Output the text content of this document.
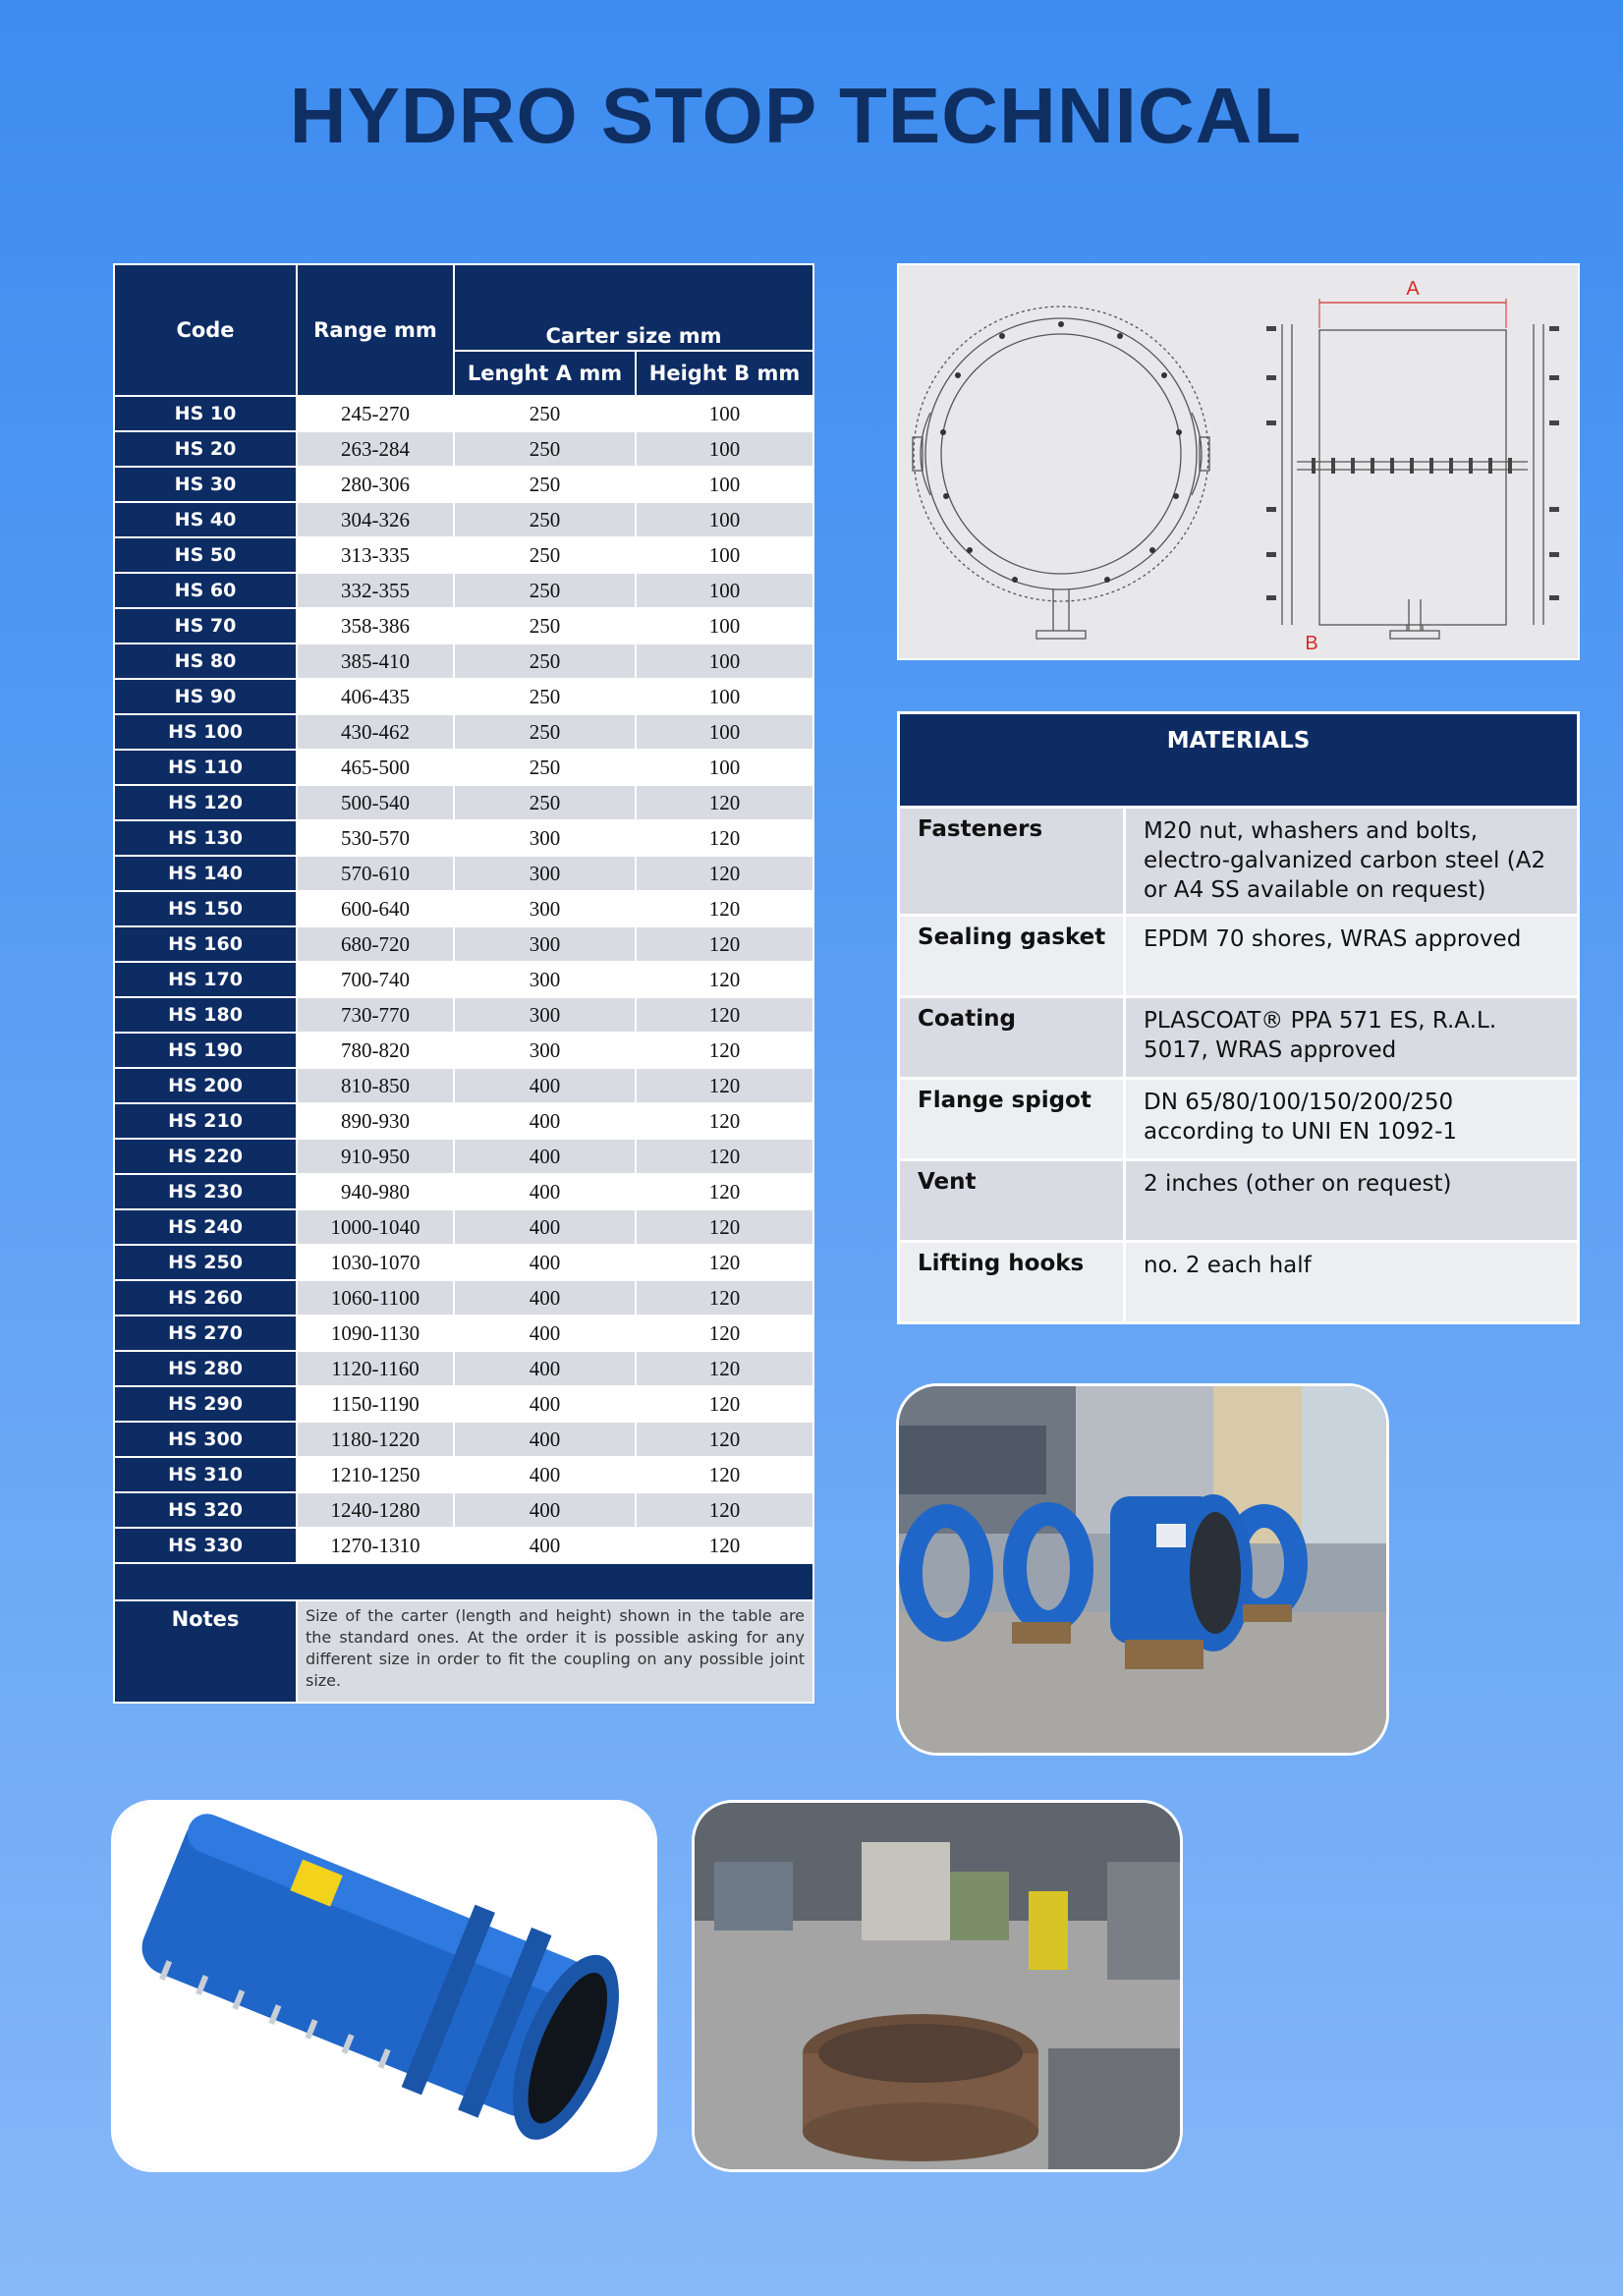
HYDRO STOP TECHNICAL
Code	Range mm	Carter size mm	
		Lenght A mm	Height B mm
HS 10	245-270	250	100
HS 20	263-284	250	100
HS 30	280-306	250	100
HS 40	304-326	250	100
HS 50	313-335	250	100
HS 60	332-355	250	100
HS 70	358-386	250	100
HS 80	385-410	250	100
HS 90	406-435	250	100
HS 100	430-462	250	100
HS 110	465-500	250	100
HS 120	500-540	250	120
HS 130	530-570	300	120
HS 140	570-610	300	120
HS 150	600-640	300	120
HS 160	680-720	300	120
HS 170	700-740	300	120
HS 180	730-770	300	120
HS 190	780-820	300	120
HS 200	810-850	400	120
HS 210	890-930	400	120
HS 220	910-950	400	120
HS 230	940-980	400	120
HS 240	1000-1040	400	120
HS 250	1030-1070	400	120
HS 260	1060-1100	400	120
HS 270	1090-1130	400	120
HS 280	1120-1160	400	120
HS 290	1150-1190	400	120
HS 300	1180-1220	400	120
HS 310	1210-1250	400	120
HS 320	1240-1280	400	120
HS 330	1270-1310	400	120

Notes	Size of the carter (length and height) shown in the table are the standard ones. At the order it is possible asking for any different size in order to fit the coupling on any possible joint size.		
A
B
MATERIALS	
Fasteners	M20 nut, whashers and bolts, electro-galvanized carbon steel (A2 or A4 SS available on request)
Sealing gasket	EPDM 70 shores, WRAS approved
Coating	PLASCOAT® PPA 571 ES, R.A.L. 5017, WRAS approved
Flange spigot	DN 65/80/100/150/200/250 according to UNI EN 1092-1
Vent	2 inches (other on request)
Lifting hooks	no. 2 each half
